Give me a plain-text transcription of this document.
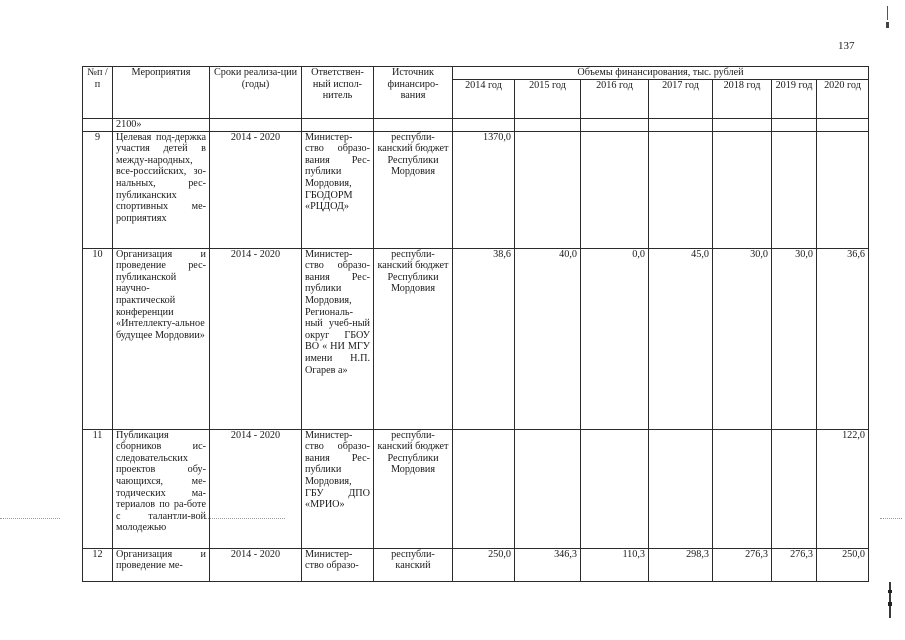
137
№п /п	Мероприятия	Сроки реализа-ции (годы)	Ответствен-ный испол-нитель	Источник финансиро-вания	Объемы финансирования, тыс. рублей						
					2014 год	2015 год	2016 год	2017 год	2018 год	2019 год	2020 год
	2100»										
9	Целевая под-держка участия детей в между-народных, все-российских, зо-нальных, рес-публиканских спортивных ме-роприятиях	2014 - 2020	Министер-ство образо-вания Рес-публики Мордовия, ГБОДОРМ «РЦДОД»	республи-канский бюджет Республики Мордовия	1370,0						
10	Организация и проведение рес-публиканской научно-практической конференции «Интеллекту-альное будущее Мордовии»	2014 - 2020	Министер-ство образо-вания Рес-публики Мордовия, Региональ-ный учеб-ный округ ГБОУ ВО « НИ МГУ имени Н.П. Огарев а»	республи-канский бюджет Республики Мордовия	38,6	40,0	0,0	45,0	30,0	30,0	36,6
11	Публикация сборников ис-следовательских проектов обу-чающихся, ме-тодических ма-териалов по ра-боте с талантли-вой молодежью	2014 - 2020	Министер-ство образо-вания Рес-публики Мордовия, ГБУ ДПО «МРИО»	республи-канский бюджет Республики Мордовия							122,0
12	Организация и проведение ме-	2014 - 2020	Министер-ство образо-	республи-канский	250,0	346,3	110,3	298,3	276,3	276,3	250,0
